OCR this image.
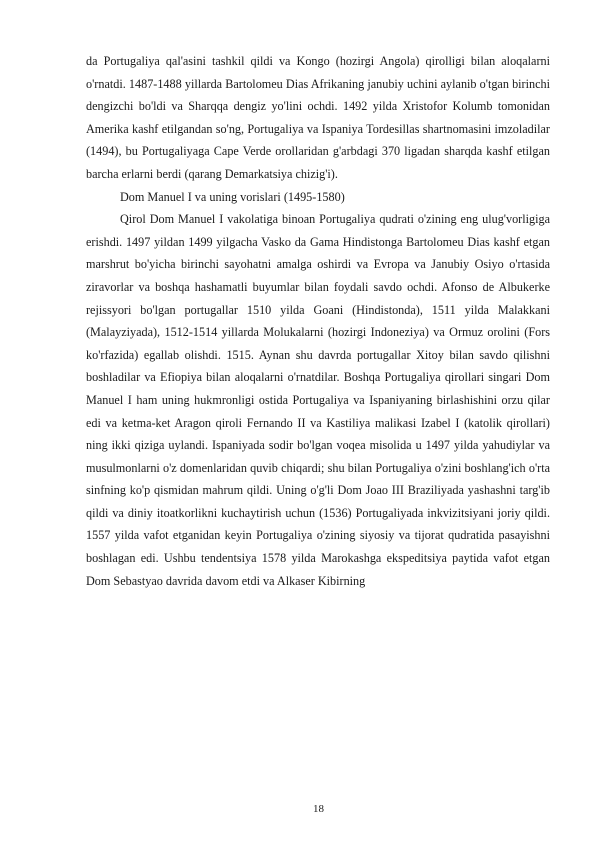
da Portugaliya qal'asini tashkil qildi va Kongo (hozirgi Angola) qirolligi bilan aloqalarni o'rnatdi. 1487-1488 yillarda Bartolomeu Dias Afrikaning janubiy uchini aylanib o'tgan birinchi dengizchi bo'ldi va Sharqqa dengiz yo'lini ochdi. 1492 yilda Xristofor Kolumb tomonidan Amerika kashf etilgandan so'ng, Portugaliya va Ispaniya Tordesillas shartnomasini imzoladilar (1494), bu Portugaliyaga Cape Verde orollaridan g'arbdagi 370 ligadan sharqda kashf etilgan barcha erlarni berdi (qarang Demarkatsiya chizig'i).

Dom Manuel I va uning vorislari (1495-1580)

Qirol Dom Manuel I vakolatiga binoan Portugaliya qudrati o'zining eng ulug'vorligiga erishdi. 1497 yildan 1499 yilgacha Vasko da Gama Hindistonga Bartolomeu Dias kashf etgan marshrut bo'yicha birinchi sayohatni amalga oshirdi va Evropa va Janubiy Osiyo o'rtasida ziravorlar va boshqa hashamatli buyumlar bilan foydali savdo ochdi. Afonso de Albukerke rejissyori bo'lgan portugallar 1510 yilda Goani (Hindistonda), 1511 yilda Malakkani (Malayziyada), 1512-1514 yillarda Molukalarni (hozirgi Indoneziya) va Ormuz orolini (Fors ko'rfazida) egallab olishdi. 1515. Aynan shu davrda portugallar Xitoy bilan savdo qilishni boshladilar va Efiopiya bilan aloqalarni o'rnatdilar. Boshqa Portugaliya qirollari singari Dom Manuel I ham uning hukmronligi ostida Portugaliya va Ispaniyaning birlashishini orzu qilar edi va ketma-ket Aragon qiroli Fernando II va Kastiliya malikasi Izabel I (katolik qirollari) ning ikki qiziga uylandi. Ispaniyada sodir bo'lgan voqea misolida u 1497 yilda yahudiylar va musulmonlarni o'z domenlaridan quvib chiqardi; shu bilan Portugaliya o'zini boshlang'ich o'rta sinfning ko'p qismidan mahrum qildi. Uning o'g'li Dom Joao III Braziliyada yashashni targ'ib qildi va diniy itoatkorlikni kuchaytirish uchun (1536) Portugaliyada inkvizitsiyani joriy qildi. 1557 yilda vafot etganidan keyin Portugaliya o'zining siyosiy va tijorat qudratida pasayishni boshlagan edi. Ushbu tendentsiya 1578 yilda Marokashga ekspeditsiya paytida vafot etgan Dom Sebastyao davrida davom etdi va Alkaser Kibirning

18
